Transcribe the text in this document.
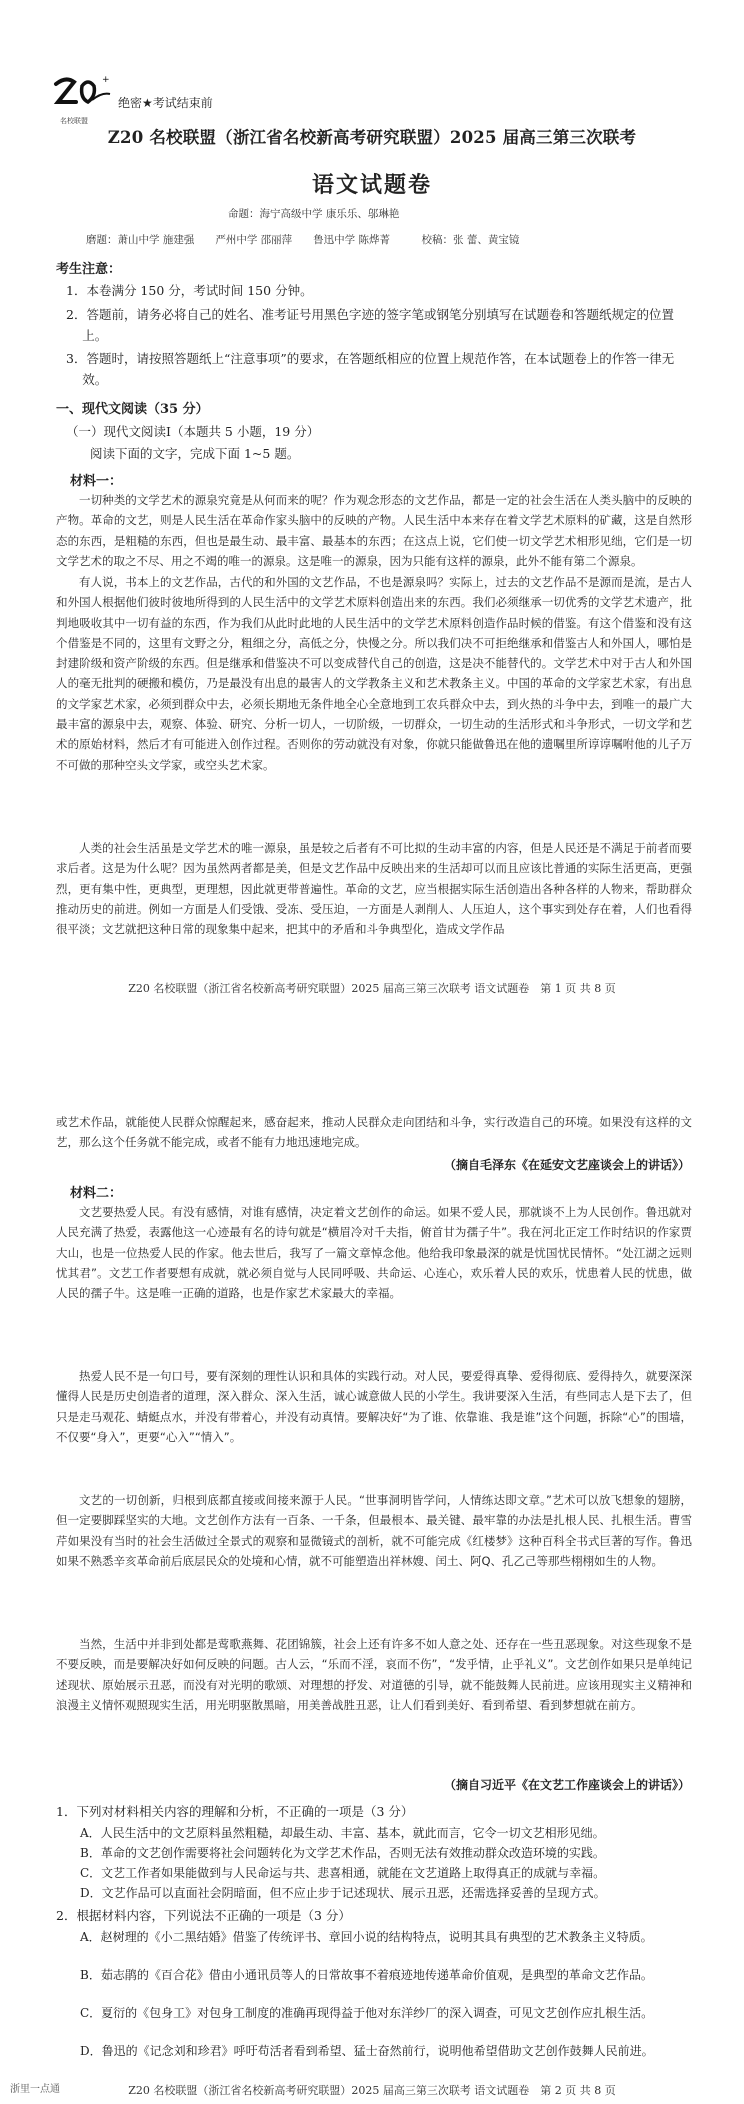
+
名校联盟
绝密★考试结束前
Z20 名校联盟（浙江省名校新高考研究联盟）2025 届高三第三次联考
语文试题卷
命题：海宁高级中学 康乐乐、邬琳艳
磨题：萧山中学 施建强　　严州中学 邵丽萍　　鲁迅中学 陈烨菁　　　校稿：张 蕾、黄宝镜
考生注意：
1．本卷满分 150 分，考试时间 150 分钟。
2．答题前，请务必将自己的姓名、准考证号用黑色字迹的签字笔或钢笔分别填写在试题卷和答题纸规定的位置上。
3．答题时，请按照答题纸上“注意事项”的要求，在答题纸相应的位置上规范作答，在本试题卷上的作答一律无效。
一、现代文阅读（35 分）
（一）现代文阅读Ⅰ（本题共 5 小题，19 分）
阅读下面的文字，完成下面 1~5 题。
材料一：
一切种类的文学艺术的源泉究竟是从何而来的呢？作为观念形态的文艺作品，都是一定的社会生活在人类头脑中的反映的产物。革命的文艺，则是人民生活在革命作家头脑中的反映的产物。人民生活中本来存在着文学艺术原料的矿藏，这是自然形态的东西，是粗糙的东西，但也是最生动、最丰富、最基本的东西；在这点上说，它们使一切文学艺术相形见绌，它们是一切文学艺术的取之不尽、用之不竭的唯一的源泉。这是唯一的源泉，因为只能有这样的源泉，此外不能有第二个源泉。
有人说，书本上的文艺作品，古代的和外国的文艺作品，不也是源泉吗？实际上，过去的文艺作品不是源而是流，是古人和外国人根据他们彼时彼地所得到的人民生活中的文学艺术原料创造出来的东西。我们必须继承一切优秀的文学艺术遗产，批判地吸收其中一切有益的东西，作为我们从此时此地的人民生活中的文学艺术原料创造作品时候的借鉴。有这个借鉴和没有这个借鉴是不同的，这里有文野之分，粗细之分，高低之分，快慢之分。所以我们决不可拒绝继承和借鉴古人和外国人，哪怕是封建阶级和资产阶级的东西。但是继承和借鉴决不可以变成替代自己的创造，这是决不能替代的。文学艺术中对于古人和外国人的毫无批判的硬搬和模仿，乃是最没有出息的最害人的文学教条主义和艺术教条主义。中国的革命的文学家艺术家，有出息的文学家艺术家，必须到群众中去，必须长期地无条件地全心全意地到工农兵群众中去，到火热的斗争中去，到唯一的最广大最丰富的源泉中去，观察、体验、研究、分析一切人，一切阶级，一切群众，一切生动的生活形式和斗争形式，一切文学和艺术的原始材料，然后才有可能进入创作过程。否则你的劳动就没有对象，你就只能做鲁迅在他的遗嘱里所谆谆嘱咐他的儿子万不可做的那种空头文学家，或空头艺术家。
人类的社会生活虽是文学艺术的唯一源泉，虽是较之后者有不可比拟的生动丰富的内容，但是人民还是不满足于前者而要求后者。这是为什么呢？因为虽然两者都是美，但是文艺作品中反映出来的生活却可以而且应该比普通的实际生活更高，更强烈，更有集中性，更典型，更理想，因此就更带普遍性。革命的文艺，应当根据实际生活创造出各种各样的人物来，帮助群众推动历史的前进。例如一方面是人们受饿、受冻、受压迫，一方面是人剥削人、人压迫人，这个事实到处存在着，人们也看得很平淡；文艺就把这种日常的现象集中起来，把其中的矛盾和斗争典型化，造成文学作品
Z20 名校联盟（浙江省名校新高考研究联盟）2025 届高三第三次联考 语文试题卷　第 1 页 共 8 页
或艺术作品，就能使人民群众惊醒起来，感奋起来，推动人民群众走向团结和斗争，实行改造自己的环境。如果没有这样的文艺，那么这个任务就不能完成，或者不能有力地迅速地完成。
（摘自毛泽东《在延安文艺座谈会上的讲话》）
材料二：
文艺要热爱人民。有没有感情，对谁有感情，决定着文艺创作的命运。如果不爱人民，那就谈不上为人民创作。鲁迅就对人民充满了热爱，表露他这一心迹最有名的诗句就是“横眉冷对千夫指，俯首甘为孺子牛”。我在河北正定工作时结识的作家贾大山，也是一位热爱人民的作家。他去世后，我写了一篇文章悼念他。他给我印象最深的就是忧国忧民情怀。“处江湖之远则忧其君”。文艺工作者要想有成就，就必须自觉与人民同呼吸、共命运、心连心，欢乐着人民的欢乐，忧患着人民的忧患，做人民的孺子牛。这是唯一正确的道路，也是作家艺术家最大的幸福。
热爱人民不是一句口号，要有深刻的理性认识和具体的实践行动。对人民，要爱得真挚、爱得彻底、爱得持久，就要深深懂得人民是历史创造者的道理，深入群众、深入生活，诚心诚意做人民的小学生。我讲要深入生活，有些同志人是下去了，但只是走马观花、蜻蜓点水，并没有带着心，并没有动真情。要解决好“为了谁、依靠谁、我是谁”这个问题，拆除“心”的围墙，不仅要“身入”，更要“心入”“情入”。
文艺的一切创新，归根到底都直接或间接来源于人民。“世事洞明皆学问，人情练达即文章。”艺术可以放飞想象的翅膀，但一定要脚踩坚实的大地。文艺创作方法有一百条、一千条，但最根本、最关键、最牢靠的办法是扎根人民、扎根生活。曹雪芹如果没有当时的社会生活做过全景式的观察和显微镜式的剖析，就不可能完成《红楼梦》这种百科全书式巨著的写作。鲁迅如果不熟悉辛亥革命前后底层民众的处境和心情，就不可能塑造出祥林嫂、闰土、阿Q、孔乙己等那些栩栩如生的人物。
当然，生活中并非到处都是莺歌燕舞、花团锦簇，社会上还有许多不如人意之处、还存在一些丑恶现象。对这些现象不是不要反映，而是要解决好如何反映的问题。古人云，“乐而不淫，哀而不伤”，“发乎情，止乎礼义”。文艺创作如果只是单纯记述现状、原始展示丑恶，而没有对光明的歌颂、对理想的抒发、对道德的引导，就不能鼓舞人民前进。应该用现实主义精神和浪漫主义情怀观照现实生活，用光明驱散黑暗，用美善战胜丑恶，让人们看到美好、看到希望、看到梦想就在前方。
（摘自习近平《在文艺工作座谈会上的讲话》）
1．下列对材料相关内容的理解和分析，不正确的一项是（3 分）
A．人民生活中的文艺原料虽然粗糙，却最生动、丰富、基本，就此而言，它令一切文艺相形见绌。
B．革命的文艺创作需要将社会问题转化为文学艺术作品，否则无法有效推动群众改造环境的实践。
C．文艺工作者如果能做到与人民命运与共、悲喜相通，就能在文艺道路上取得真正的成就与幸福。
D．文艺作品可以直面社会阴暗面，但不应止步于记述现状、展示丑恶，还需选择妥善的呈现方式。
2．根据材料内容，下列说法不正确的一项是（3 分）
A．赵树理的《小二黑结婚》借鉴了传统评书、章回小说的结构特点，说明其具有典型的艺术教条主义特质。
B．茹志鹃的《百合花》借由小通讯员等人的日常故事不着痕迹地传递革命价值观，是典型的革命文艺作品。
C．夏衍的《包身工》对包身工制度的准确再现得益于他对东洋纱厂的深入调查，可见文艺创作应扎根生活。
D．鲁迅的《记念刘和珍君》呼吁苟活者看到希望、猛士奋然前行，说明他希望借助文艺创作鼓舞人民前进。
Z20 名校联盟（浙江省名校新高考研究联盟）2025 届高三第三次联考 语文试题卷　第 2 页 共 8 页
浙里一点通
